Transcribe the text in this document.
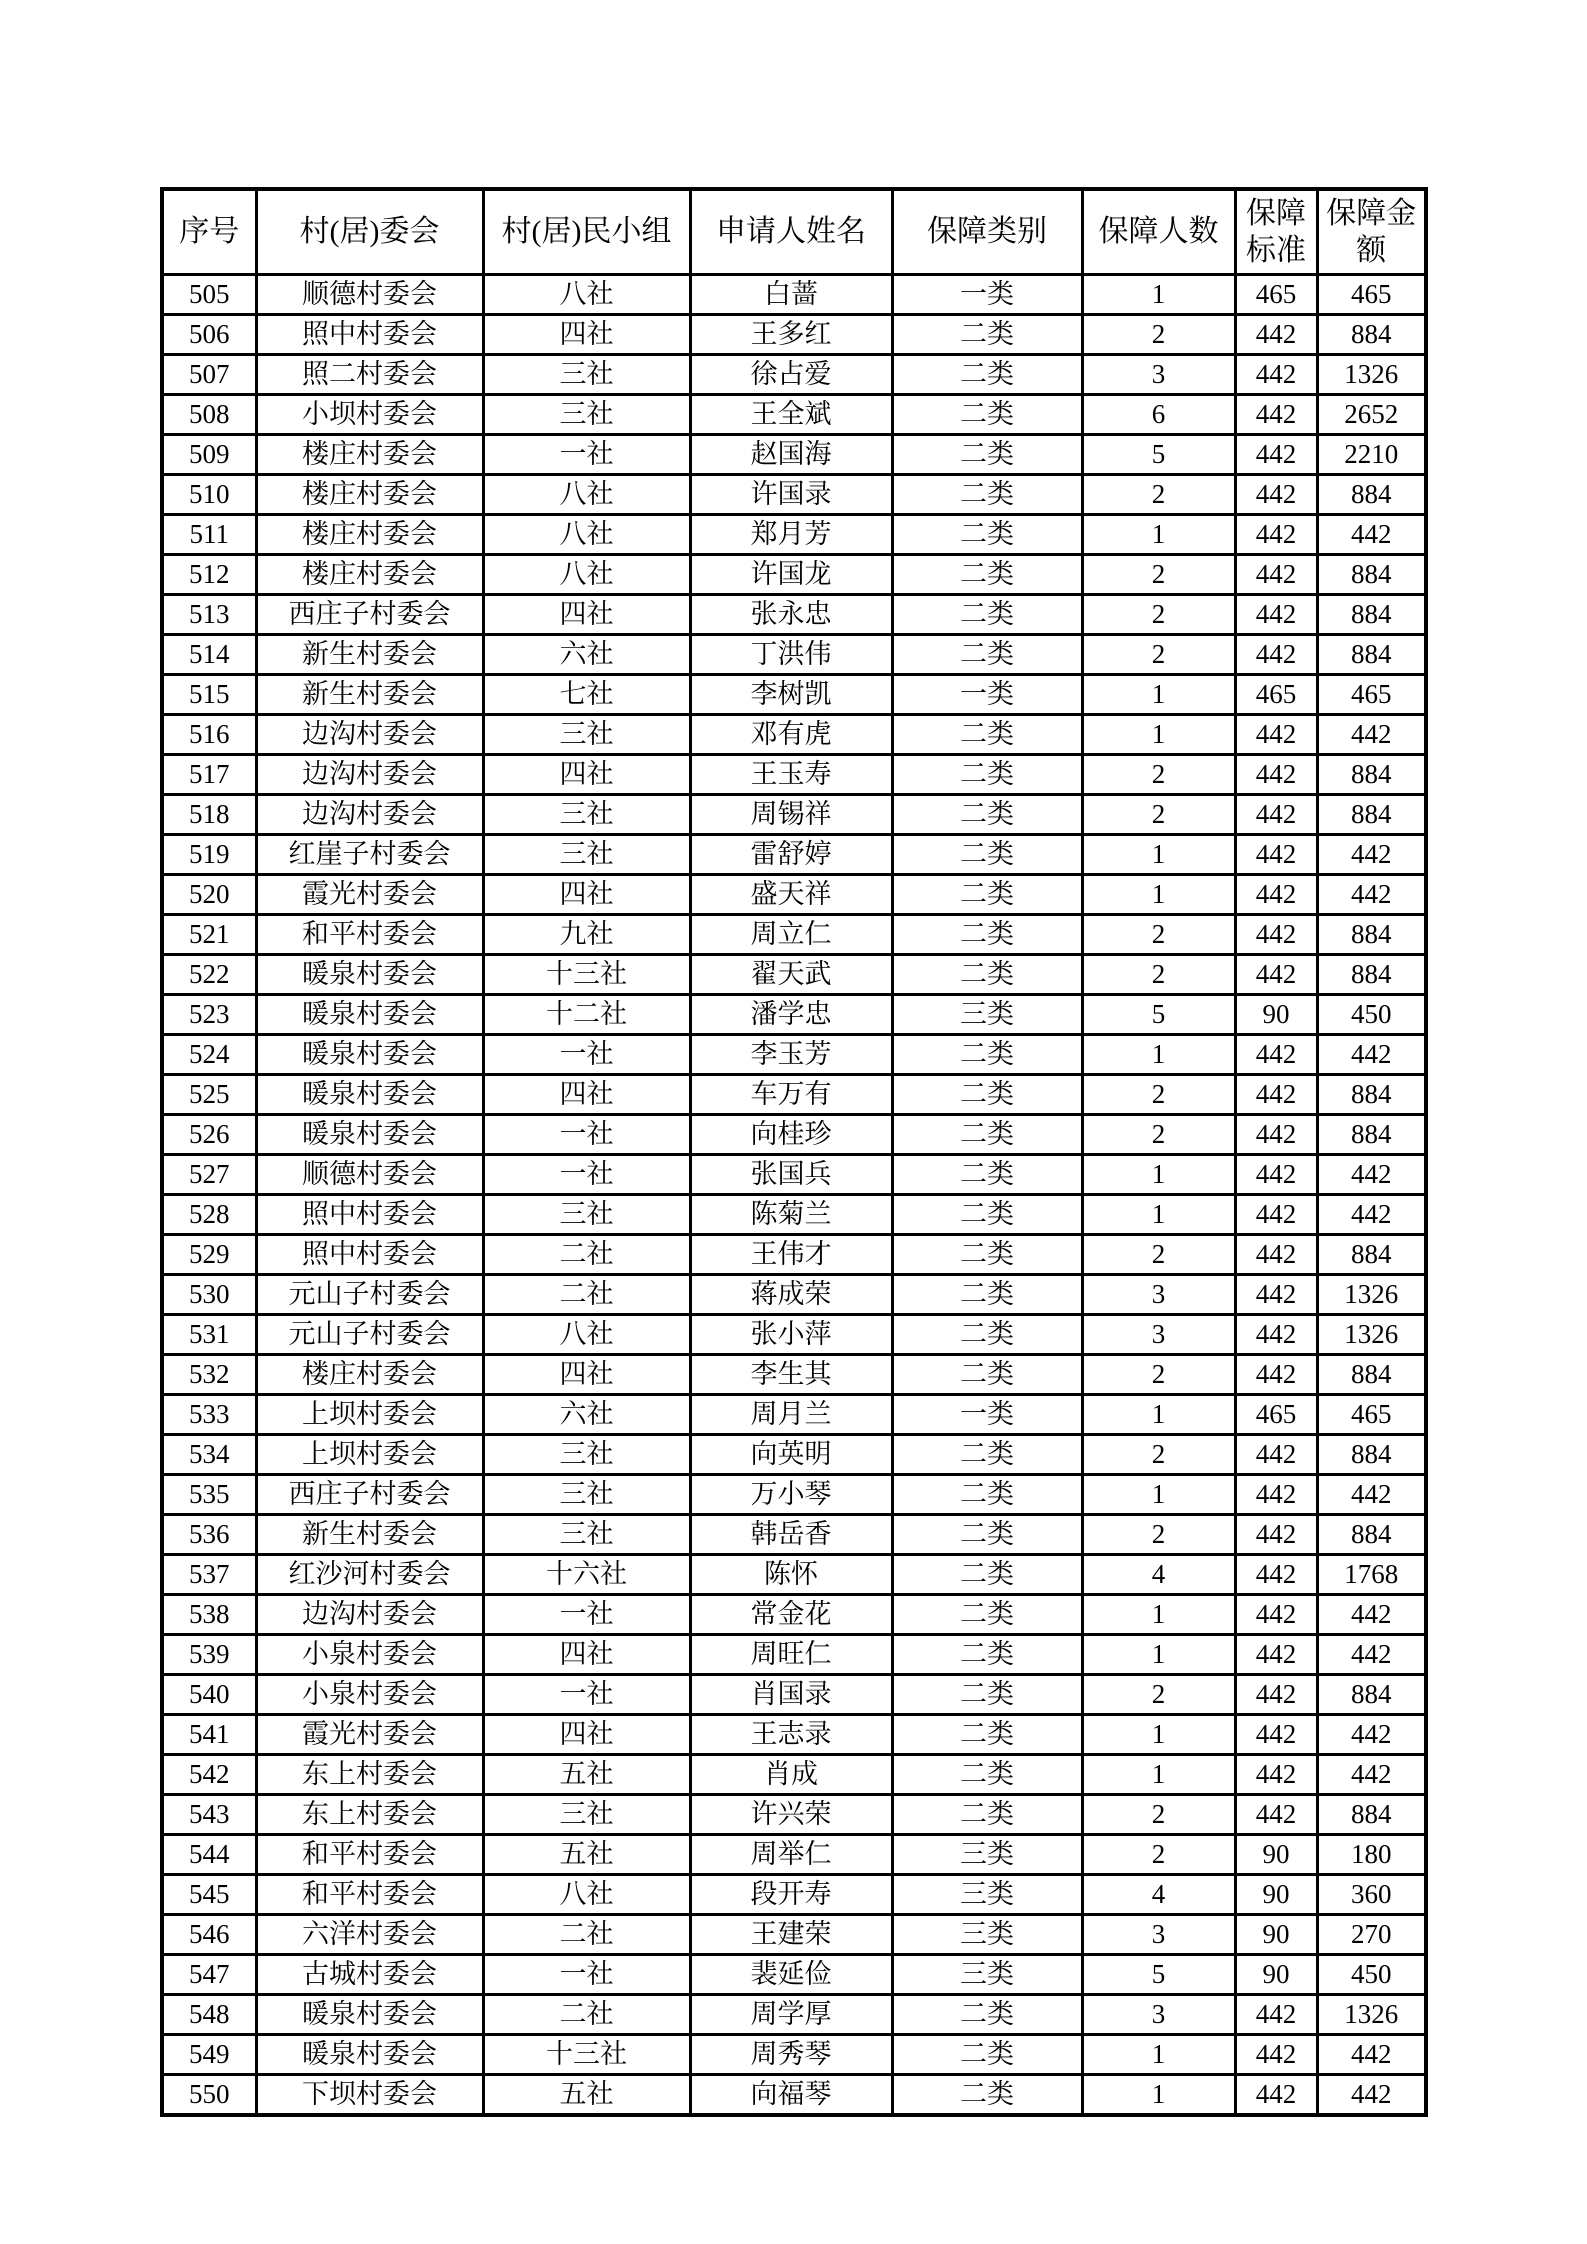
序号	村(居)委会	村(居)民小组	申请人姓名	保障类别	保障人数	保障标准	保障金额
505	顺德村委会	八社	白蔷	一类	1	465	465
506	照中村委会	四社	王多红	二类	2	442	884
507	照二村委会	三社	徐占爱	二类	3	442	1326
508	小坝村委会	三社	王全斌	二类	6	442	2652
509	楼庄村委会	一社	赵国海	二类	5	442	2210
510	楼庄村委会	八社	许国录	二类	2	442	884
511	楼庄村委会	八社	郑月芳	二类	1	442	442
512	楼庄村委会	八社	许国龙	二类	2	442	884
513	西庄子村委会	四社	张永忠	二类	2	442	884
514	新生村委会	六社	丁洪伟	二类	2	442	884
515	新生村委会	七社	李树凯	一类	1	465	465
516	边沟村委会	三社	邓有虎	二类	1	442	442
517	边沟村委会	四社	王玉寿	二类	2	442	884
518	边沟村委会	三社	周锡祥	二类	2	442	884
519	红崖子村委会	三社	雷舒婷	二类	1	442	442
520	霞光村委会	四社	盛天祥	二类	1	442	442
521	和平村委会	九社	周立仁	二类	2	442	884
522	暖泉村委会	十三社	翟天武	二类	2	442	884
523	暖泉村委会	十二社	潘学忠	三类	5	90	450
524	暖泉村委会	一社	李玉芳	二类	1	442	442
525	暖泉村委会	四社	车万有	二类	2	442	884
526	暖泉村委会	一社	向桂珍	二类	2	442	884
527	顺德村委会	一社	张国兵	二类	1	442	442
528	照中村委会	三社	陈菊兰	二类	1	442	442
529	照中村委会	二社	王伟才	二类	2	442	884
530	元山子村委会	二社	蒋成荣	二类	3	442	1326
531	元山子村委会	八社	张小萍	二类	3	442	1326
532	楼庄村委会	四社	李生其	二类	2	442	884
533	上坝村委会	六社	周月兰	一类	1	465	465
534	上坝村委会	三社	向英明	二类	2	442	884
535	西庄子村委会	三社	万小琴	二类	1	442	442
536	新生村委会	三社	韩岳香	二类	2	442	884
537	红沙河村委会	十六社	陈怀	二类	4	442	1768
538	边沟村委会	一社	常金花	二类	1	442	442
539	小泉村委会	四社	周旺仁	二类	1	442	442
540	小泉村委会	一社	肖国录	二类	2	442	884
541	霞光村委会	四社	王志录	二类	1	442	442
542	东上村委会	五社	肖成	二类	1	442	442
543	东上村委会	三社	许兴荣	二类	2	442	884
544	和平村委会	五社	周举仁	三类	2	90	180
545	和平村委会	八社	段开寿	三类	4	90	360
546	六洋村委会	二社	王建荣	三类	3	90	270
547	古城村委会	一社	裴延俭	三类	5	90	450
548	暖泉村委会	二社	周学厚	二类	3	442	1326
549	暖泉村委会	十三社	周秀琴	二类	1	442	442
550	下坝村委会	五社	向福琴	二类	1	442	442
